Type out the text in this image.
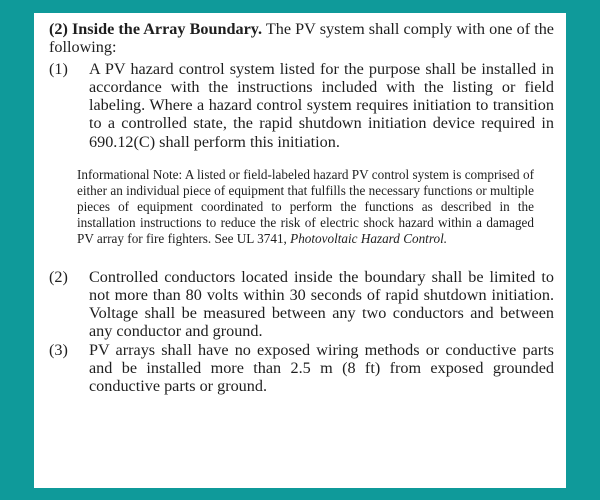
(2) Inside the Array Boundary. The PV system shall comply with one of the following:

(1)	A PV hazard control system listed for the purpose shall be installed in accordance with the instructions included with the listing or field labeling. Where a hazard control system requires initiation to transition to a controlled state, the rapid shutdown initiation device required in 690.12(C) shall perform this initiation.

Informational Note: A listed or field-labeled hazard PV control system is comprised of either an individual piece of equipment that fulfills the necessary functions or multiple pieces of equipment coordinated to perform the functions as described in the installation instructions to reduce the risk of electric shock hazard within a damaged PV array for fire fighters. See UL 3741, Photovoltaic Hazard Control.

(2)	Controlled conductors located inside the boundary shall be limited to not more than 80 volts within 30 seconds of rapid shutdown initiation. Voltage shall be measured between any two conductors and between any conductor and ground.
(3)	PV arrays shall have no exposed wiring methods or conductive parts and be installed more than 2.5 m (8 ft) from exposed grounded conductive parts or ground.
